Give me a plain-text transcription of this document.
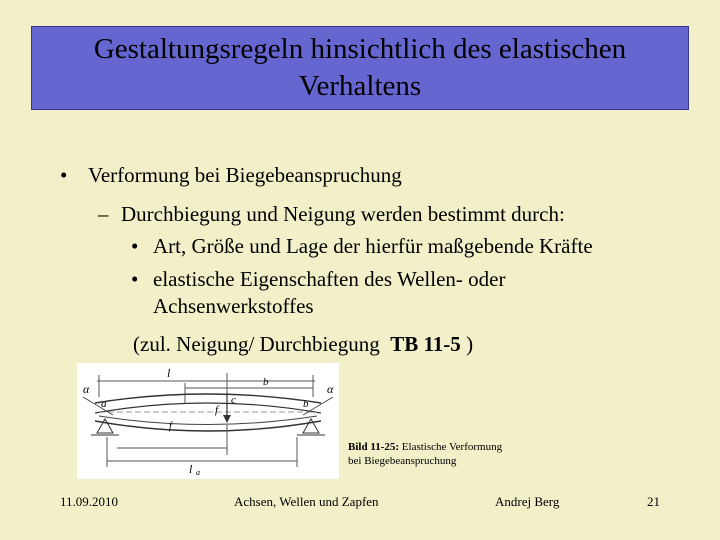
Gestaltungsregeln hinsichtlich des elastischen
Verhaltens
• Verformung bei Biegebeanspruchung
– Durchbiegung und Neigung werden bestimmt durch:
• Art, Größe und Lage der hierfür maßgebende Kräfte
• elastische Eigenschaften des Wellen- oder
Achsenwerkstoffes
(zul. Neigung/ Durchbiegung TB 11-5 )
α	α
l
b
a	b
f
c
f
l a
Bild 11-25: Elastische Verformung
bei Biegebeanspruchung
11.09.2010	Achsen, Wellen und Zapfen	Andrej Berg	21
